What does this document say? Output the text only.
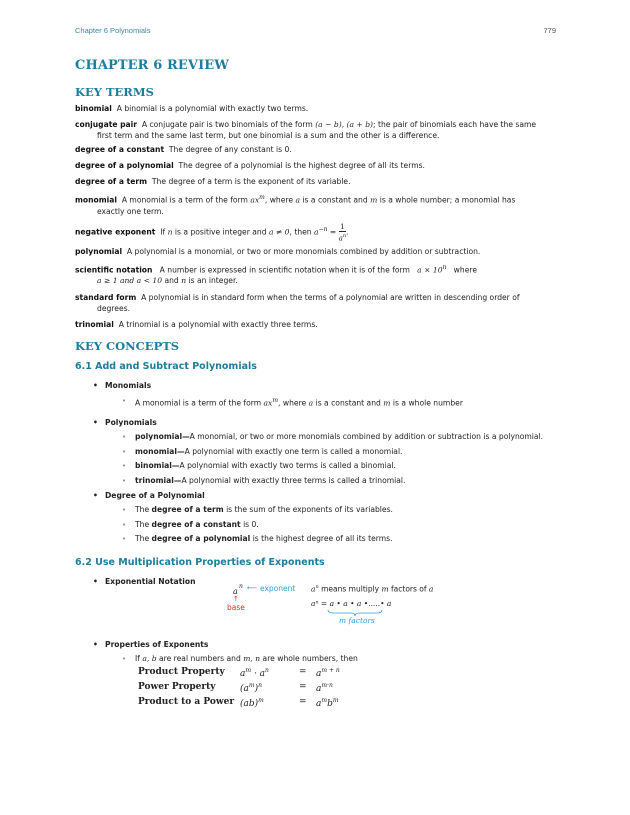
Chapter 6 Polynomials	779
CHAPTER 6 REVIEW
KEY TERMS

binomial A binomial is a polynomial with exactly two terms.

conjugate pair A conjugate pair is two binomials of the form (a − b), (a + b); the pair of binomials each have the same
first term and the same last term, but one binomial is a sum and the other is a difference.

degree of a constant The degree of any constant is 0.

degree of a polynomial The degree of a polynomial is the highest degree of all its terms.

degree of a term The degree of a term is the exponent of its variable.

monomial A monomial is a term of the form $ax^m$, where a is a constant and m is a whole number; a monomial has
exactly one term.

negative exponent If n is a positive integer and a ≠ 0, then $a^{-n} = \frac{1}{a^n}$ .

polynomial A polynomial is a monomial, or two or more monomials combined by addition or subtraction.

scientific notation A number is expressed in scientific notation when it is of the form $a \times 10^n$ where
a ≥ 1 and a < 10 and n is an integer.

standard form A polynomial is in standard form when the terms of a polynomial are written in descending order of
degrees.

trinomial A trinomial is a polynomial with exactly three terms.

KEY CONCEPTS
6.1 Add and Subtract Polynomials
• Monomials
• A monomial is a term of the form $ax^m$, where a is a constant and m is a whole number
• Polynomials
• polynomial—A monomial, or two or more monomials combined by addition or subtraction is a polynomial.
• monomial—A polynomial with exactly one term is called a monomial.
• binomial—A polynomial with exactly two terms is called a binomial.
• trinomial—A polynomial with exactly three terms is called a trinomial.
• Degree of a Polynomial
• The degree of a term is the sum of the exponents of its variables.
• The degree of a constant is 0.
• The degree of a polynomial is the highest degree of all its terms.
6.2 Use Multiplication Properties of Exponents
• Exponential Notation
a
n ⟵ exponent
↑
base
$a^n$ means multiply m factors of a
aⁿ = a • a • a •.....• a
m factors
• Properties of Exponents
• If a, b are real numbers and m, n are whole numbers, then
Product Property $a^m \cdot a^n$	= $a^{m + n}$
Power Property	$(a^m)^n$	= $a^{m\cdot n}$
Product to a Power (ab)$^m$	= $a^mb^m$
